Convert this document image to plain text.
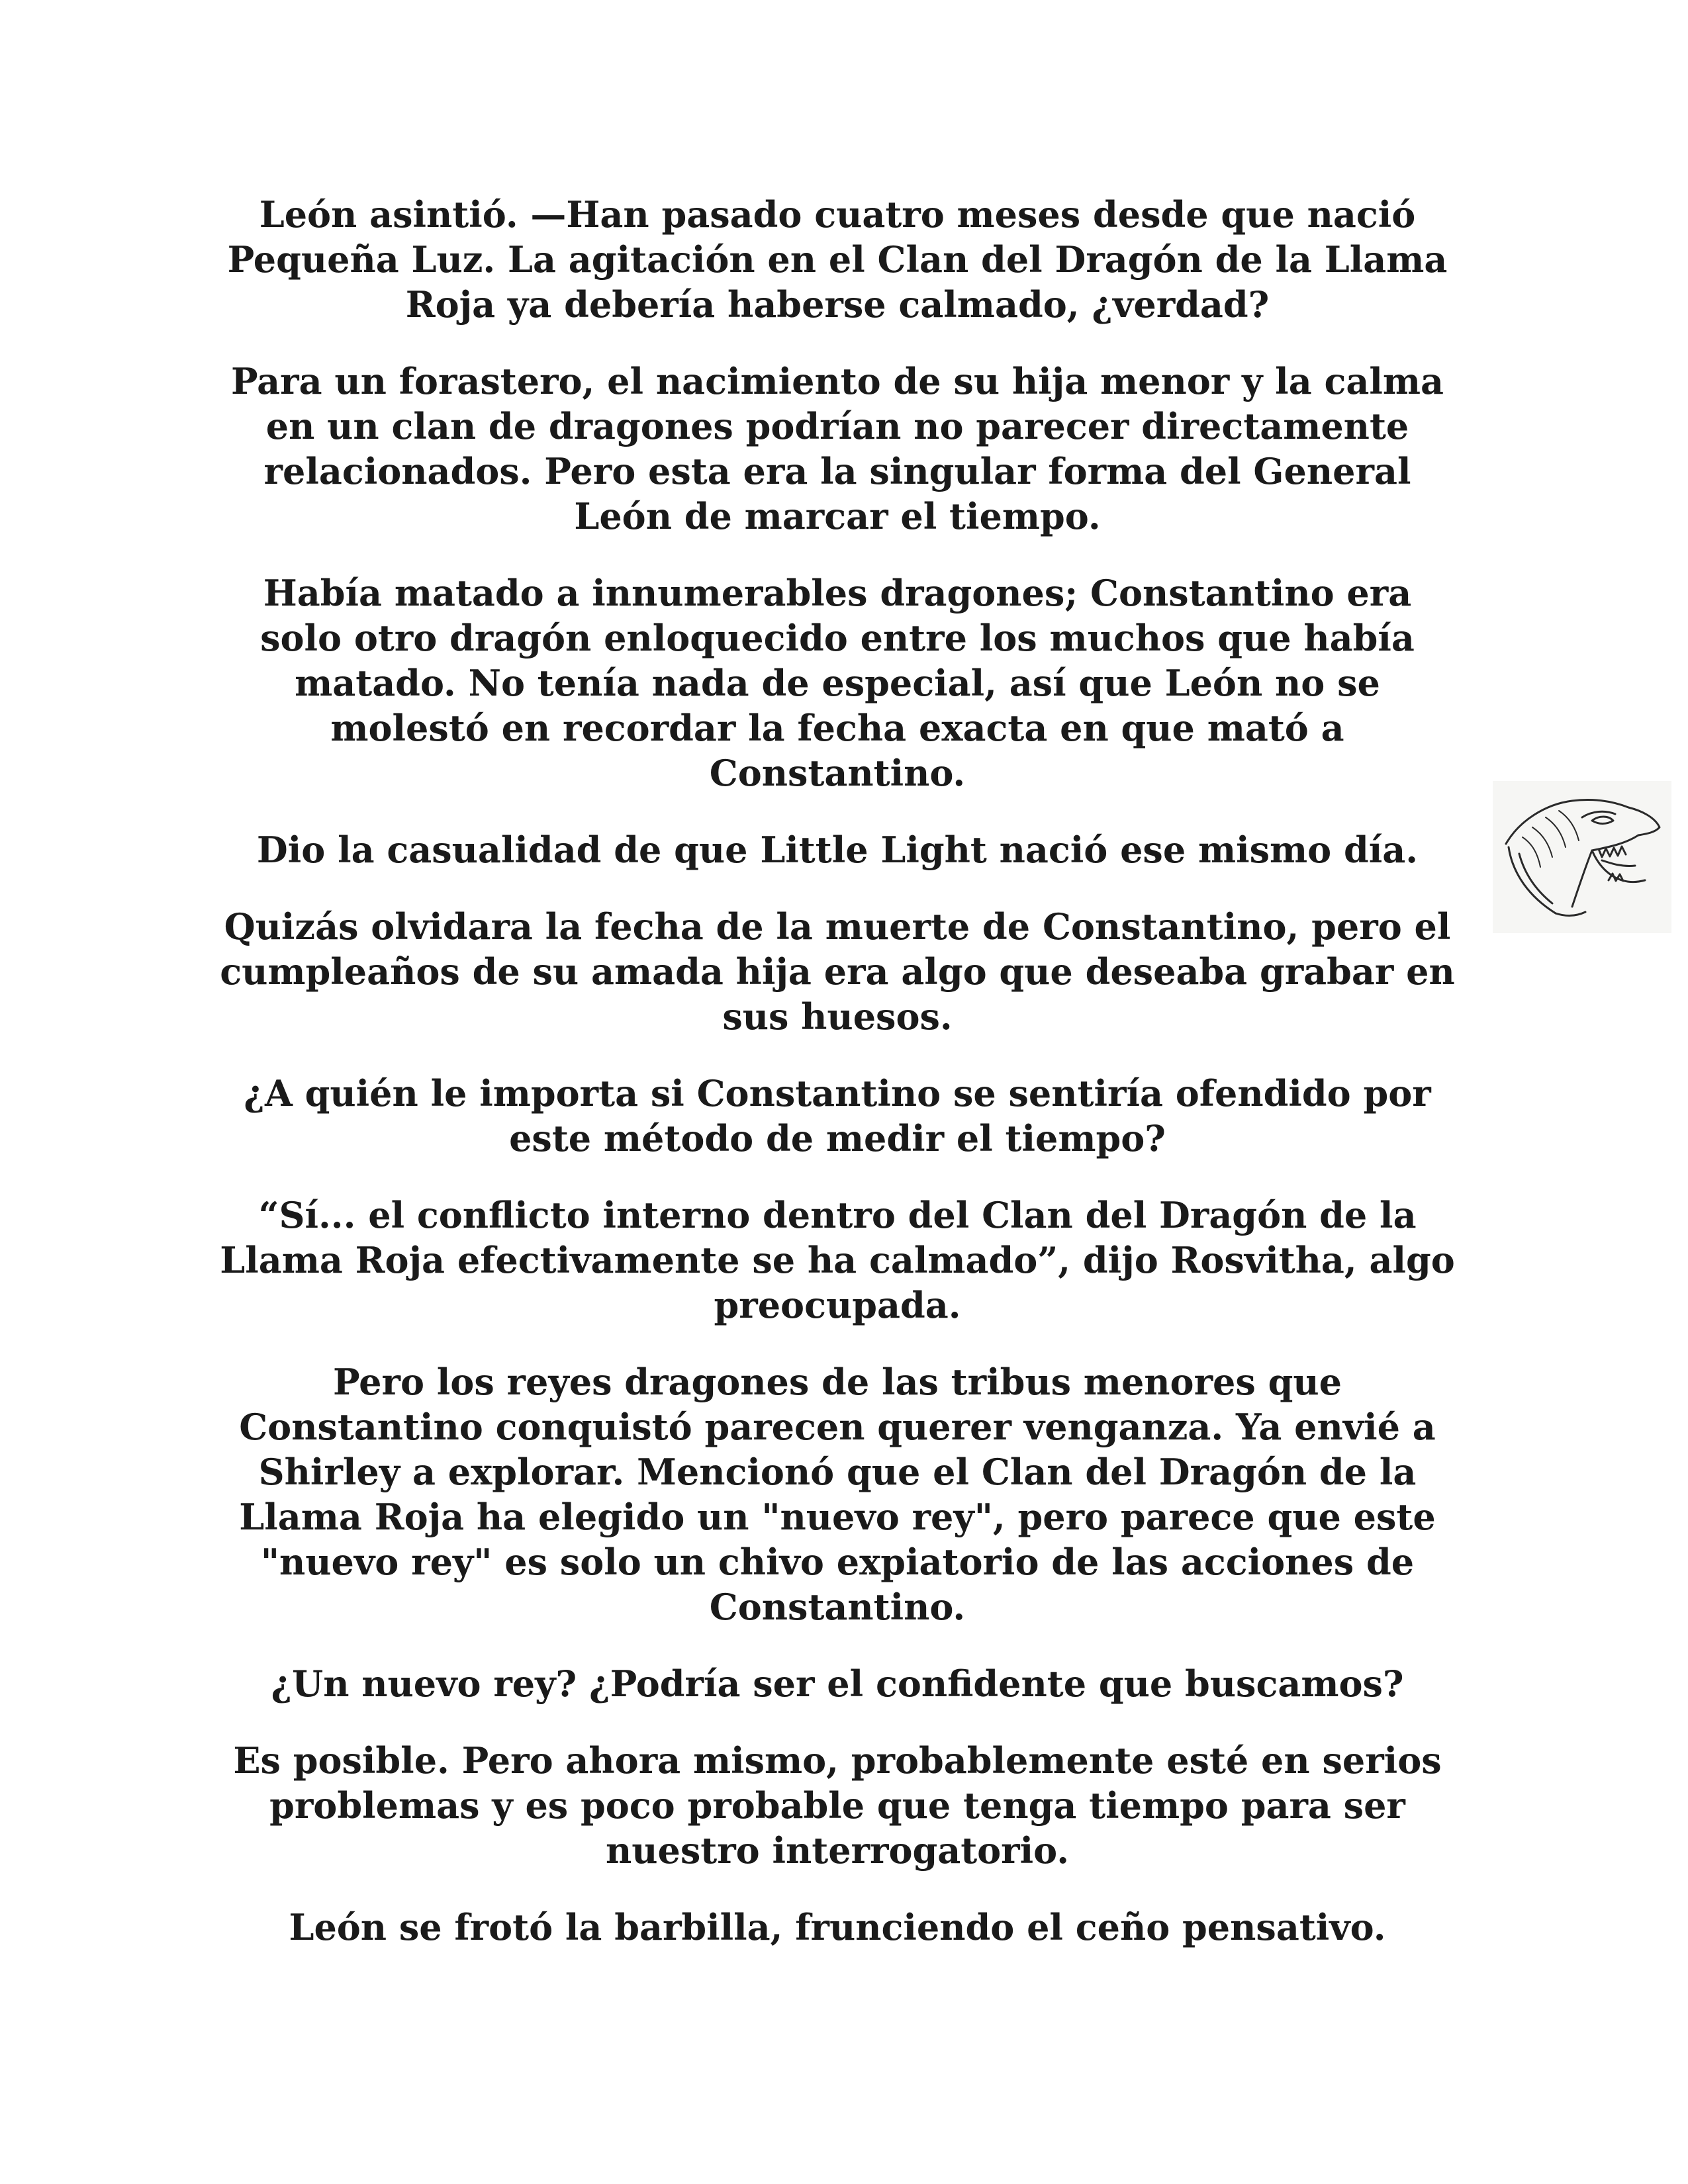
León asintió. —Han pasado cuatro meses desde que nació Pequeña Luz. La agitación en el Clan del Dragón de la Llama Roja ya debería haberse calmado, ¿verdad?

Para un forastero, el nacimiento de su hija menor y la calma en un clan de dragones podrían no parecer directamente relacionados. Pero esta era la singular forma del General León de marcar el tiempo.

Había matado a innumerables dragones; Constantino era solo otro dragón enloquecido entre los muchos que había matado. No tenía nada de especial, así que León no se molestó en recordar la fecha exacta en que mató a Constantino.

Dio la casualidad de que Little Light nació ese mismo día.

Quizás olvidara la fecha de la muerte de Constantino, pero el cumpleaños de su amada hija era algo que deseaba grabar en sus huesos.

¿A quién le importa si Constantino se sentiría ofendido por este método de medir el tiempo?

“Sí... el conflicto interno dentro del Clan del Dragón de la Llama Roja efectivamente se ha calmado”, dijo Rosvitha, algo preocupada.

Pero los reyes dragones de las tribus menores que Constantino conquistó parecen querer venganza. Ya envié a Shirley a explorar. Mencionó que el Clan del Dragón de la Llama Roja ha elegido un "nuevo rey", pero parece que este "nuevo rey" es solo un chivo expiatorio de las acciones de Constantino.

¿Un nuevo rey? ¿Podría ser el confidente que buscamos?

Es posible. Pero ahora mismo, probablemente esté en serios problemas y es poco probable que tenga tiempo para ser nuestro interrogatorio.

León se frotó la barbilla, frunciendo el ceño pensativo.
